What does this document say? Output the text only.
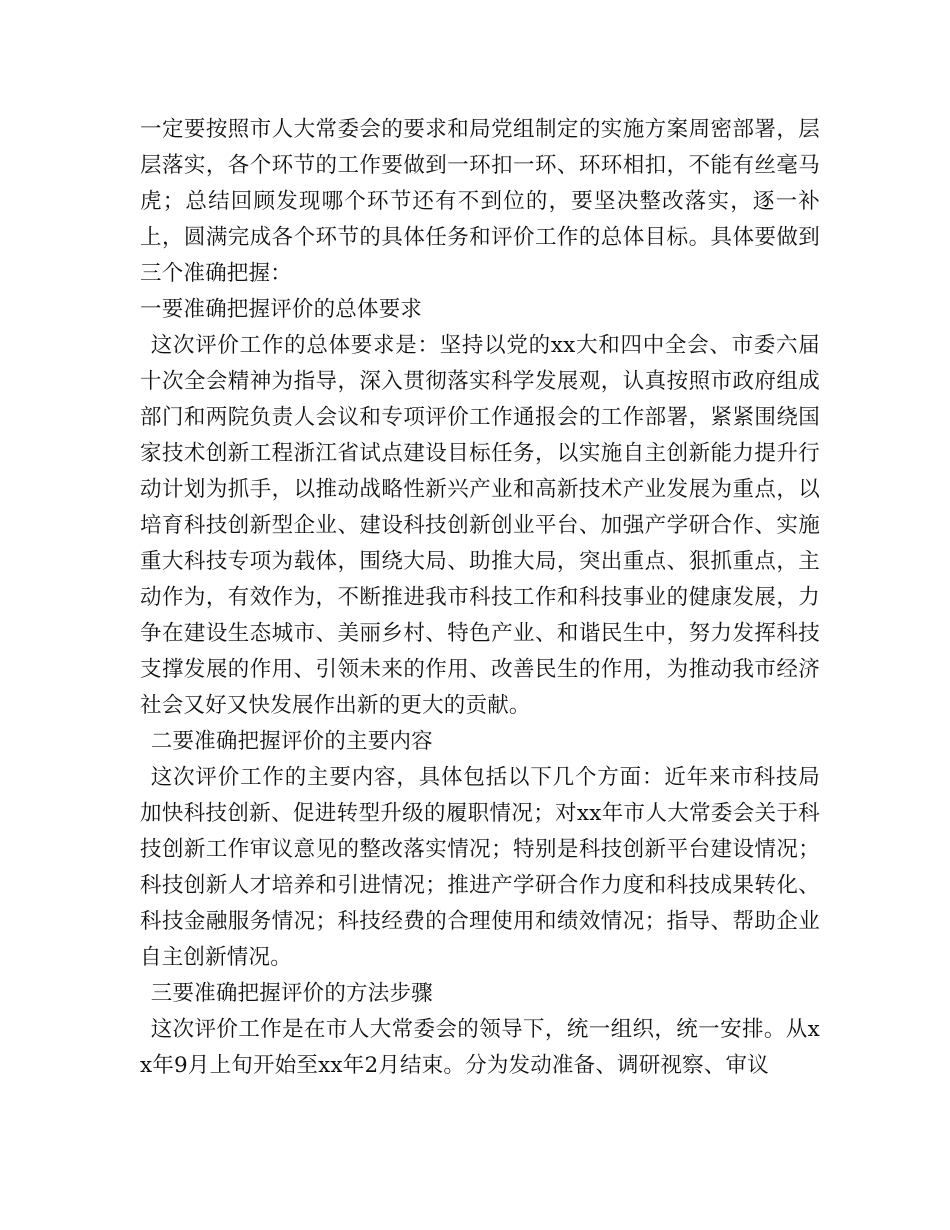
一定要按照市人大常委会的要求和局党组制定的实施方案周密部署，层层落实，各个环节的工作要做到一环扣一环、环环相扣，不能有丝毫马虎；总结回顾发现哪个环节还有不到位的，要坚决整改落实，逐一补上，圆满完成各个环节的具体任务和评价工作的总体目标。具体要做到三个准确把握：

一要准确把握评价的总体要求

这次评价工作的总体要求是：坚持以党的xx大和四中全会、市委六届十次全会精神为指导，深入贯彻落实科学发展观，认真按照市政府组成部门和两院负责人会议和专项评价工作通报会的工作部署，紧紧围绕国家技术创新工程浙江省试点建设目标任务，以实施自主创新能力提升行动计划为抓手，以推动战略性新兴产业和高新技术产业发展为重点，以培育科技创新型企业、建设科技创新创业平台、加强产学研合作、实施重大科技专项为载体，围绕大局、助推大局，突出重点、狠抓重点，主动作为，有效作为，不断推进我市科技工作和科技事业的健康发展，力争在建设生态城市、美丽乡村、特色产业、和谐民生中，努力发挥科技支撑发展的作用、引领未来的作用、改善民生的作用，为推动我市经济社会又好又快发展作出新的更大的贡献。

二要准确把握评价的主要内容

这次评价工作的主要内容，具体包括以下几个方面：近年来市科技局加快科技创新、促进转型升级的履职情况；对xx年市人大常委会关于科技创新工作审议意见的整改落实情况；特别是科技创新平台建设情况；科技创新人才培养和引进情况；推进产学研合作力度和科技成果转化、科技金融服务情况；科技经费的合理使用和绩效情况；指导、帮助企业自主创新情况。

三要准确把握评价的方法步骤

这次评价工作是在市人大常委会的领导下，统一组织，统一安排。从xx年9月上旬开始至xx年2月结束。分为发动准备、调研视察、审议
